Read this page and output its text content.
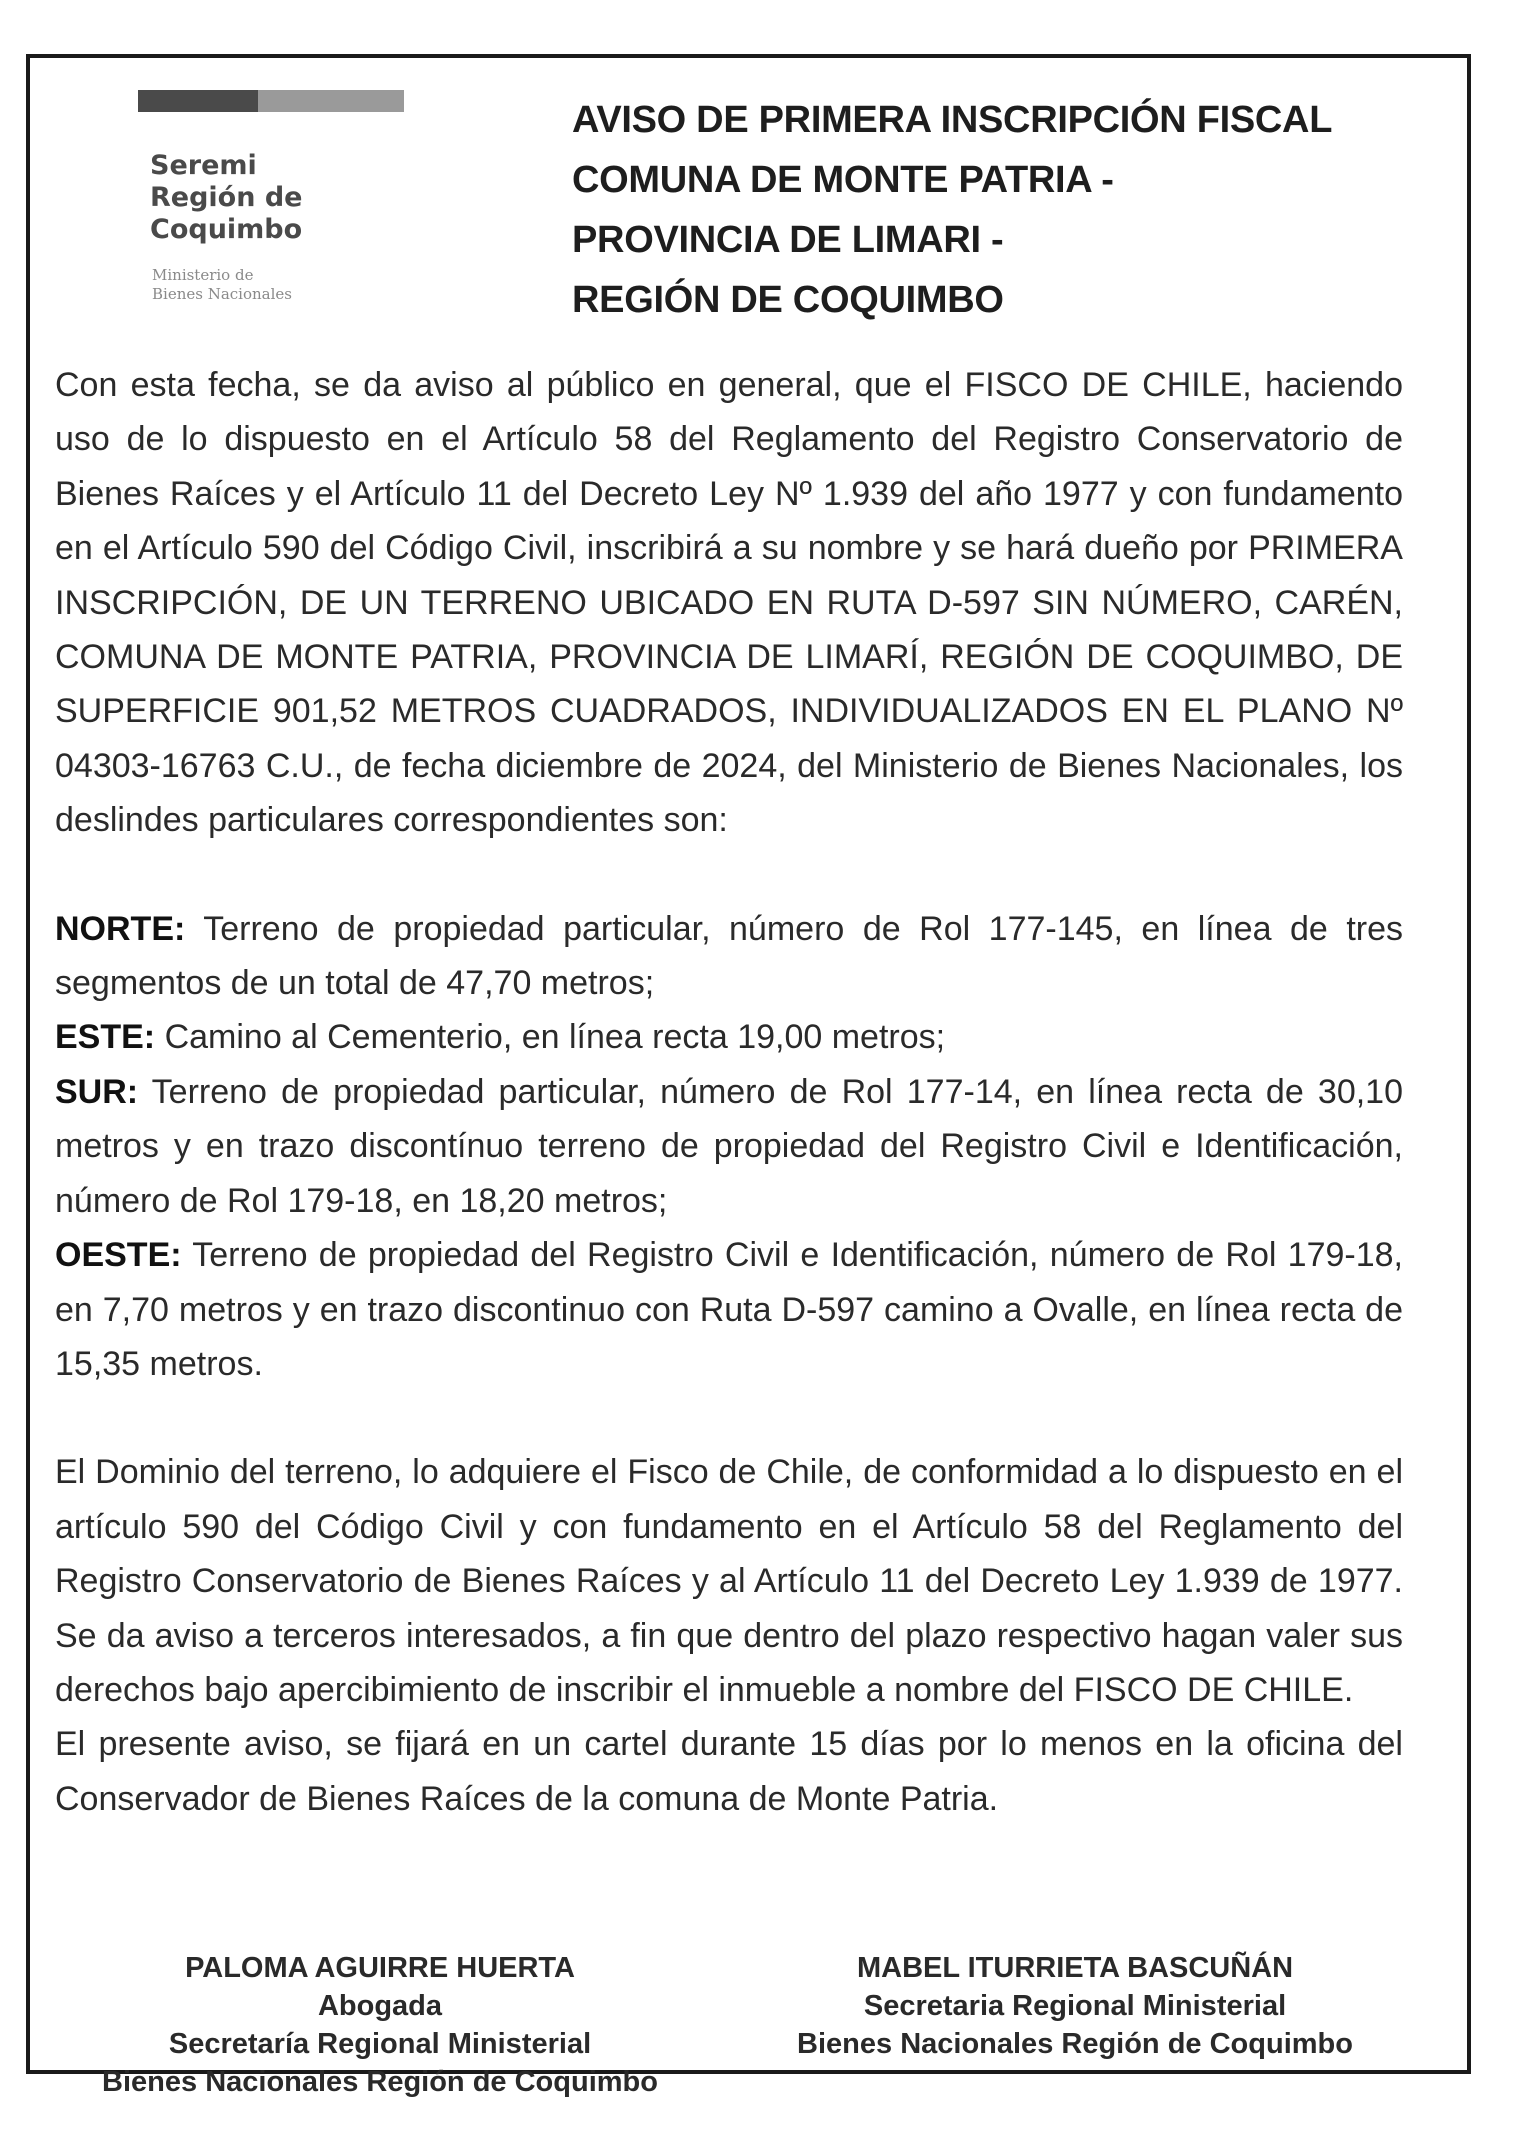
Seremi
Región de
Coquimbo
Ministerio de
Bienes Nacionales
AVISO DE PRIMERA INSCRIPCIÓN FISCAL
COMUNA DE MONTE PATRIA -
PROVINCIA DE LIMARI -
REGIÓN DE COQUIMBO

Con esta fecha, se da aviso al público en general, que el FISCO DE CHILE, haciendo uso de lo dispuesto en el Artículo 58 del Reglamento del Registro Conservatorio de Bienes Raíces y el Artículo 11 del Decreto Ley Nº 1.939 del año 1977 y con fundamento en el Artículo 590 del Código Civil, inscribirá a su nombre y se hará dueño por PRIMERA INSCRIPCIÓN, DE UN TERRENO UBICADO EN RUTA D-597 SIN NÚMERO, CARÉN, COMUNA DE MONTE PATRIA, PROVINCIA DE LIMARÍ, REGIÓN DE COQUIMBO, DE SUPERFICIE 901,52 METROS CUADRADOS, INDIVIDUALIZADOS EN EL PLANO Nº 04303-16763 C.U., de fecha diciembre de 2024, del Ministerio de Bienes Nacionales, los deslindes particulares correspondientes son:

NORTE: Terreno de propiedad particular, número de Rol 177-145, en línea de tres segmentos de un total de 47,70 metros;

ESTE: Camino al Cementerio, en línea recta 19,00 metros;

SUR: Terreno de propiedad particular, número de Rol 177-14, en línea recta de 30,10 metros y en trazo discontínuo terreno de propiedad del Registro Civil e Identificación, número de Rol 179-18, en 18,20 metros;

OESTE: Terreno de propiedad del Registro Civil e Identificación, número de Rol 179-18, en 7,70 metros y en trazo discontinuo con Ruta D-597 camino a Ovalle, en línea recta de 15,35 metros.

El Dominio del terreno, lo adquiere el Fisco de Chile, de conformidad a lo dispuesto en el artículo 590 del Código Civil y con fundamento en el Artículo 58 del Reglamento del Registro Conservatorio de Bienes Raíces y al Artículo 11 del Decreto Ley 1.939 de 1977. Se da aviso a terceros interesados, a fin que dentro del plazo respectivo hagan valer sus derechos bajo apercibimiento de inscribir el inmueble a nombre del FISCO DE CHILE.

El presente aviso, se fijará en un cartel durante 15 días por lo menos en la oficina del Conservador de Bienes Raíces de la comuna de Monte Patria.

PALOMA AGUIRRE HUERTA
Abogada
Secretaría Regional Ministerial
Bienes Nacionales Región de Coquimbo
MABEL ITURRIETA BASCUÑÁN
Secretaria Regional Ministerial
Bienes Nacionales Región de Coquimbo
